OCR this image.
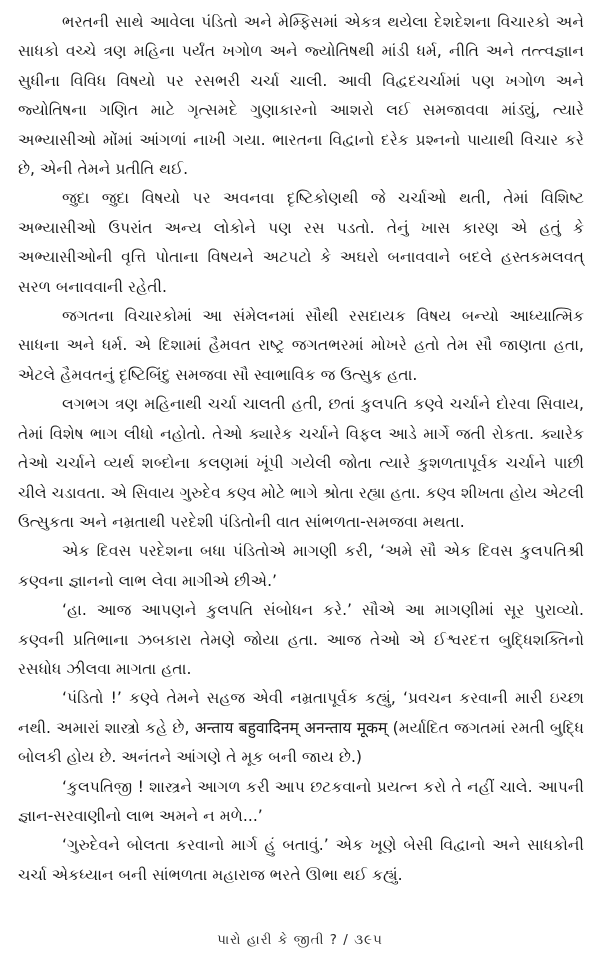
ભરતની સાથે આવેલા પંડિતો અને મેમ્ફિસમાં એકત્ર થયેલા દેશદેશના વિચારકો અને સાધકો વચ્ચે ત્રણ મહિના પર્યંત ખગોળ અને જ્યોતિષથી માંડી ધર્મ, નીતિ અને તત્ત્વજ્ઞાન સુધીના વિવિધ વિષયો પર રસભરી ચર્ચા ચાલી. આવી વિદ્વદચર્ચામાં પણ ખગોળ અને જ્યોતિષના ગણિત માટે ગૃત્સમદે ગુણાકારનો આશરો લઈ સમજાવવા માંડ્યું, ત્યારે અભ્યાસીઓ મોંમાં આંગળાં નાખી ગયા. ભારતના વિદ્વાનો દરેક પ્રશ્નનો પાયાથી વિચાર કરે છે, એની તેમને પ્રતીતિ થઈ.

જુદા જુદા વિષયો પર અવનવા દૃષ્ટિકોણથી જે ચર્ચાઓ થતી, તેમાં વિશિષ્ટ અભ્યાસીઓ ઉપરાંત અન્ય લોકોને પણ રસ પડતો. તેનું ખાસ કારણ એ હતું કે અભ્યાસીઓની વૃત્તિ પોતાના વિષયને અટપટો કે અઘરો બનાવવાને બદલે હસ્તકમલવત્ સરળ બનાવવાની રહેતી.

જગતના વિચારકોમાં આ સંમેલનમાં સૌથી રસદાયક વિષય બન્યો આધ્યાત્મિક સાધના અને ધર્મ. એ દિશામાં હૈમવત રાષ્ટ્ર જગતભરમાં મોખરે હતો તેમ સૌ જાણતા હતા, એટલે હૈમવતનું દૃષ્ટિબિંદુ સમજવા સૌ સ્વાભાવિક જ ઉત્સુક હતા.

લગભગ ત્રણ મહિનાથી ચર્ચા ચાલતી હતી, છતાં કુલપતિ કણ્વે ચર્ચાને દોરવા સિવાય, તેમાં વિશેષ ભાગ લીધો નહોતો. તેઓ ક્યારેક ચર્ચાને વિફલ આડે માર્ગે જતી રોકતા. ક્યારેક તેઓ ચર્ચાને વ્યર્થ શબ્દોના કલણમાં ખૂંપી ગયેલી જોતા ત્યારે કુશળતાપૂર્વક ચર્ચાને પાછી ચીલે ચડાવતા. એ સિવાય ગુરુદેવ કણ્વ મોટે ભાગે શ્રોતા રહ્યા હતા. કણ્વ શીખતા હોય એટલી ઉત્સુકતા અને નમ્રતાથી પરદેશી પંડિતોની વાત સાંભળતા-સમજવા મથતા.

એક દિવસ પરદેશના બધા પંડિતોએ માગણી કરી, ‘અમે સૌ એક દિવસ કુલપતિશ્રી કણ્વના જ્ઞાનનો લાભ લેવા માગીએ છીએ.’

‘હા. આજ આપણને કુલપતિ સંબોધન કરે.’ સૌએ આ માગણીમાં સૂર પુરાવ્યો. કણ્વની પ્રતિભાના ઝબકારા તેમણે જોયા હતા. આજ તેઓ એ ઈશ્વરદત્ત બુદ્ધિશક્તિનો રસધોધ ઝીલવા માગતા હતા.

‘પંડિતો !’ કણ્વે તેમને સહજ એવી નમ્રતાપૂર્વક કહ્યું, ‘પ્રવચન કરવાની મારી ઇચ્છા નથી. અમારાં શાસ્ત્રો કહે છે, अन्ताय बहुवादिनम् अनन्ताय मूकम् (મર્યાદિત જગતમાં રમતી બુદ્ધિ બોલકી હોય છે. અનંતને આંગણે તે મૂક બની જાય છે.)

‘કુલપતિજી ! શાસ્ત્રને આગળ કરી આપ છટકવાનો પ્રયત્ન કરો તે નહીં ચાલે. આપની જ્ઞાન-સરવાણીનો લાભ અમને ન મળે...’

‘ગુરુદેવને બોલતા કરવાનો માર્ગ હું બતાવું.’ એક ખૂણે બેસી વિદ્વાનો અને સાધકોની ચર્ચા એકધ્યાન બની સાંભળતા મહારાજ ભરતે ઊભા થઈ કહ્યું.

પારો હારી કે જીતી ? / ૩૯૫
